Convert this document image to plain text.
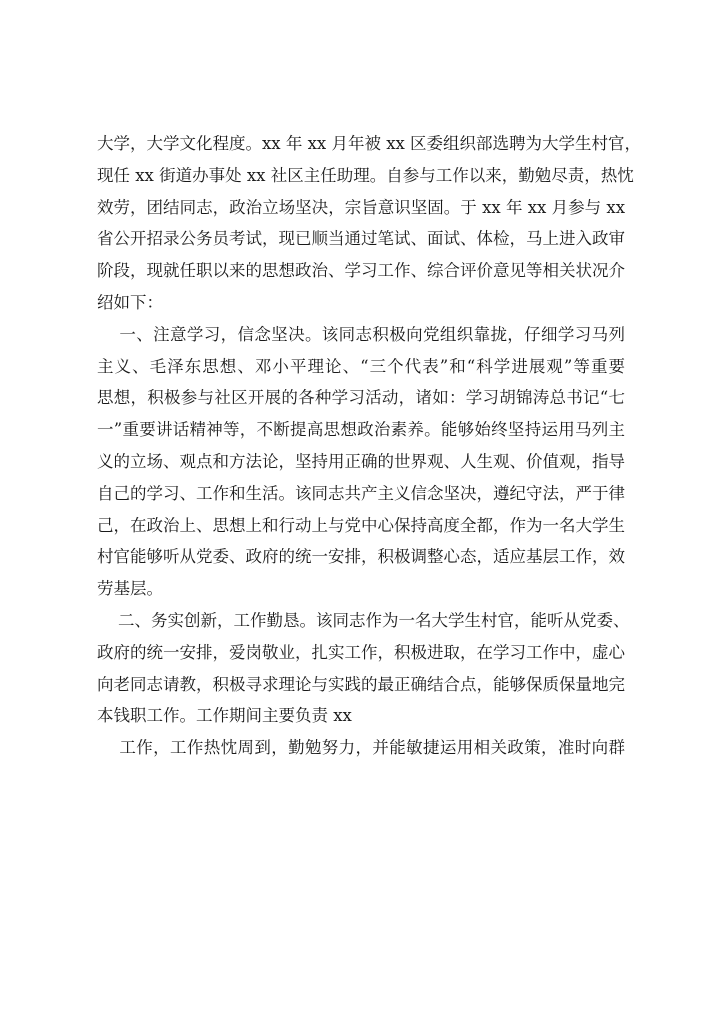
大学，大学文化程度。xx 年 xx 月年被 xx 区委组织部选聘为大学生村官，
现任 xx 街道办事处 xx 社区主任助理。自参与工作以来，勤勉尽责，热忱
效劳，团结同志，政治立场坚决，宗旨意识坚固。于 xx 年 xx 月参与 xx
省公开招录公务员考试，现已顺当通过笔试、面试、体检，马上进入政审
阶段，现就任职以来的思想政治、学习工作、综合评价意见等相关状况介
绍如下：
一、注意学习，信念坚决。该同志积极向党组织靠拢，仔细学习马列
主义、毛泽东思想、邓小平理论、“三个代表”和“科学进展观”等重要
思想，积极参与社区开展的各种学习活动，诸如：学习胡锦涛总书记“七
一”重要讲话精神等，不断提高思想政治素养。能够始终坚持运用马列主
义的立场、观点和方法论，坚持用正确的世界观、人生观、价值观，指导
自己的学习、工作和生活。该同志共产主义信念坚决，遵纪守法，严于律
己，在政治上、思想上和行动上与党中心保持高度全都，作为一名大学生
村官能够听从党委、政府的统一安排，积极调整心态，适应基层工作，效
劳基层。
二、务实创新，工作勤恳。该同志作为一名大学生村官，能听从党委、
政府的统一安排，爱岗敬业，扎实工作，积极进取，在学习工作中，虚心
向老同志请教，积极寻求理论与实践的最正确结合点，能够保质保量地完
本钱职工作。工作期间主要负责 xx
工作，工作热忱周到，勤勉努力，并能敏捷运用相关政策，准时向群
